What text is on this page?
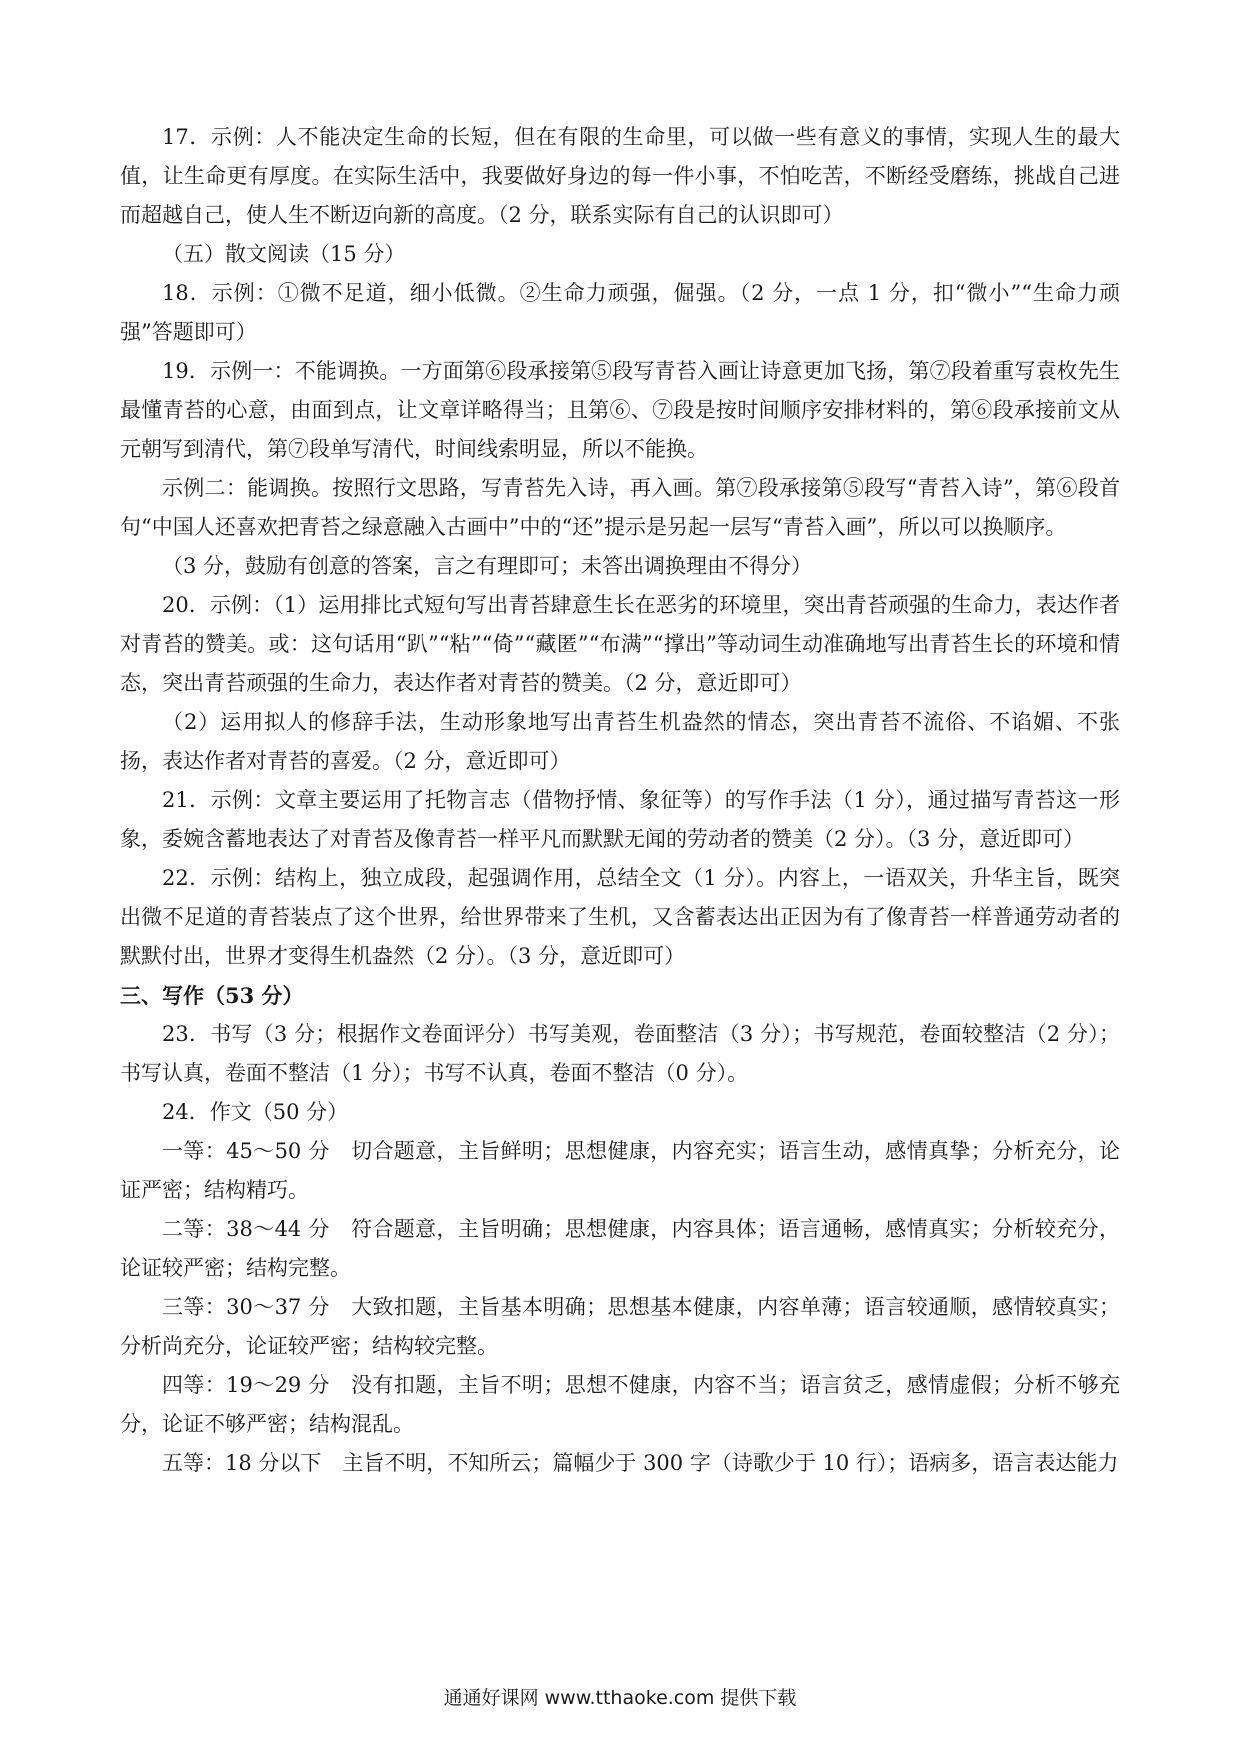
17．示例：人不能决定生命的长短，但在有限的生命里，可以做一些有意义的事情，实现人生的最大值，让生命更有厚度。在实际生活中，我要做好身边的每一件小事，不怕吃苦，不断经受磨练，挑战自己进而超越自己，使人生不断迈向新的高度。（2 分，联系实际有自己的认识即可）

（五）散文阅读（15 分）

18．示例：①微不足道，细小低微。②生命力顽强，倔强。（2 分，一点 1 分，扣“微小”“生命力顽强”答题即可）

19．示例一：不能调换。一方面第⑥段承接第⑤段写青苔入画让诗意更加飞扬，第⑦段着重写袁枚先生最懂青苔的心意，由面到点，让文章详略得当；且第⑥、⑦段是按时间顺序安排材料的，第⑥段承接前文从元朝写到清代，第⑦段单写清代，时间线索明显，所以不能换。

示例二：能调换。按照行文思路，写青苔先入诗，再入画。第⑦段承接第⑤段写“青苔入诗”，第⑥段首句“中国人还喜欢把青苔之绿意融入古画中”中的“还”提示是另起一层写“青苔入画”，所以可以换顺序。

（3 分，鼓励有创意的答案，言之有理即可；未答出调换理由不得分）

20．示例：（1）运用排比式短句写出青苔肆意生长在恶劣的环境里，突出青苔顽强的生命力，表达作者对青苔的赞美。或：这句话用“趴”“粘”“倚”“藏匿”“布满”“撑出”等动词生动准确地写出青苔生长的环境和情态，突出青苔顽强的生命力，表达作者对青苔的赞美。（2 分，意近即可）

（2）运用拟人的修辞手法，生动形象地写出青苔生机盎然的情态，突出青苔不流俗、不谄媚、不张扬，表达作者对青苔的喜爱。（2 分，意近即可）

21．示例：文章主要运用了托物言志（借物抒情、象征等）的写作手法（1 分），通过描写青苔这一形象，委婉含蓄地表达了对青苔及像青苔一样平凡而默默无闻的劳动者的赞美（2 分）。（3 分，意近即可）

22．示例：结构上，独立成段，起强调作用，总结全文（1 分）。内容上，一语双关，升华主旨，既突出微不足道的青苔装点了这个世界，给世界带来了生机，又含蓄表达出正因为有了像青苔一样普通劳动者的默默付出，世界才变得生机盎然（2 分）。（3 分，意近即可）

三、写作（53 分）

23．书写（3 分；根据作文卷面评分）书写美观，卷面整洁（3 分）；书写规范，卷面较整洁（2 分）；书写认真，卷面不整洁（1 分）；书写不认真，卷面不整洁（0 分）。

24．作文（50 分）

一等：45～50 分　切合题意，主旨鲜明；思想健康，内容充实；语言生动，感情真挚；分析充分，论证严密；结构精巧。

二等：38～44 分　符合题意，主旨明确；思想健康，内容具体；语言通畅，感情真实；分析较充分，论证较严密；结构完整。

三等：30～37 分　大致扣题，主旨基本明确；思想基本健康，内容单薄；语言较通顺，感情较真实；分析尚充分，论证较严密；结构较完整。

四等：19～29 分　没有扣题，主旨不明；思想不健康，内容不当；语言贫乏，感情虚假；分析不够充分，论证不够严密；结构混乱。

五等：18 分以下　主旨不明，不知所云；篇幅少于 300 字（诗歌少于 10 行）；语病多，语言表达能力

通通好课网 www.tthaoke.com 提供下载
